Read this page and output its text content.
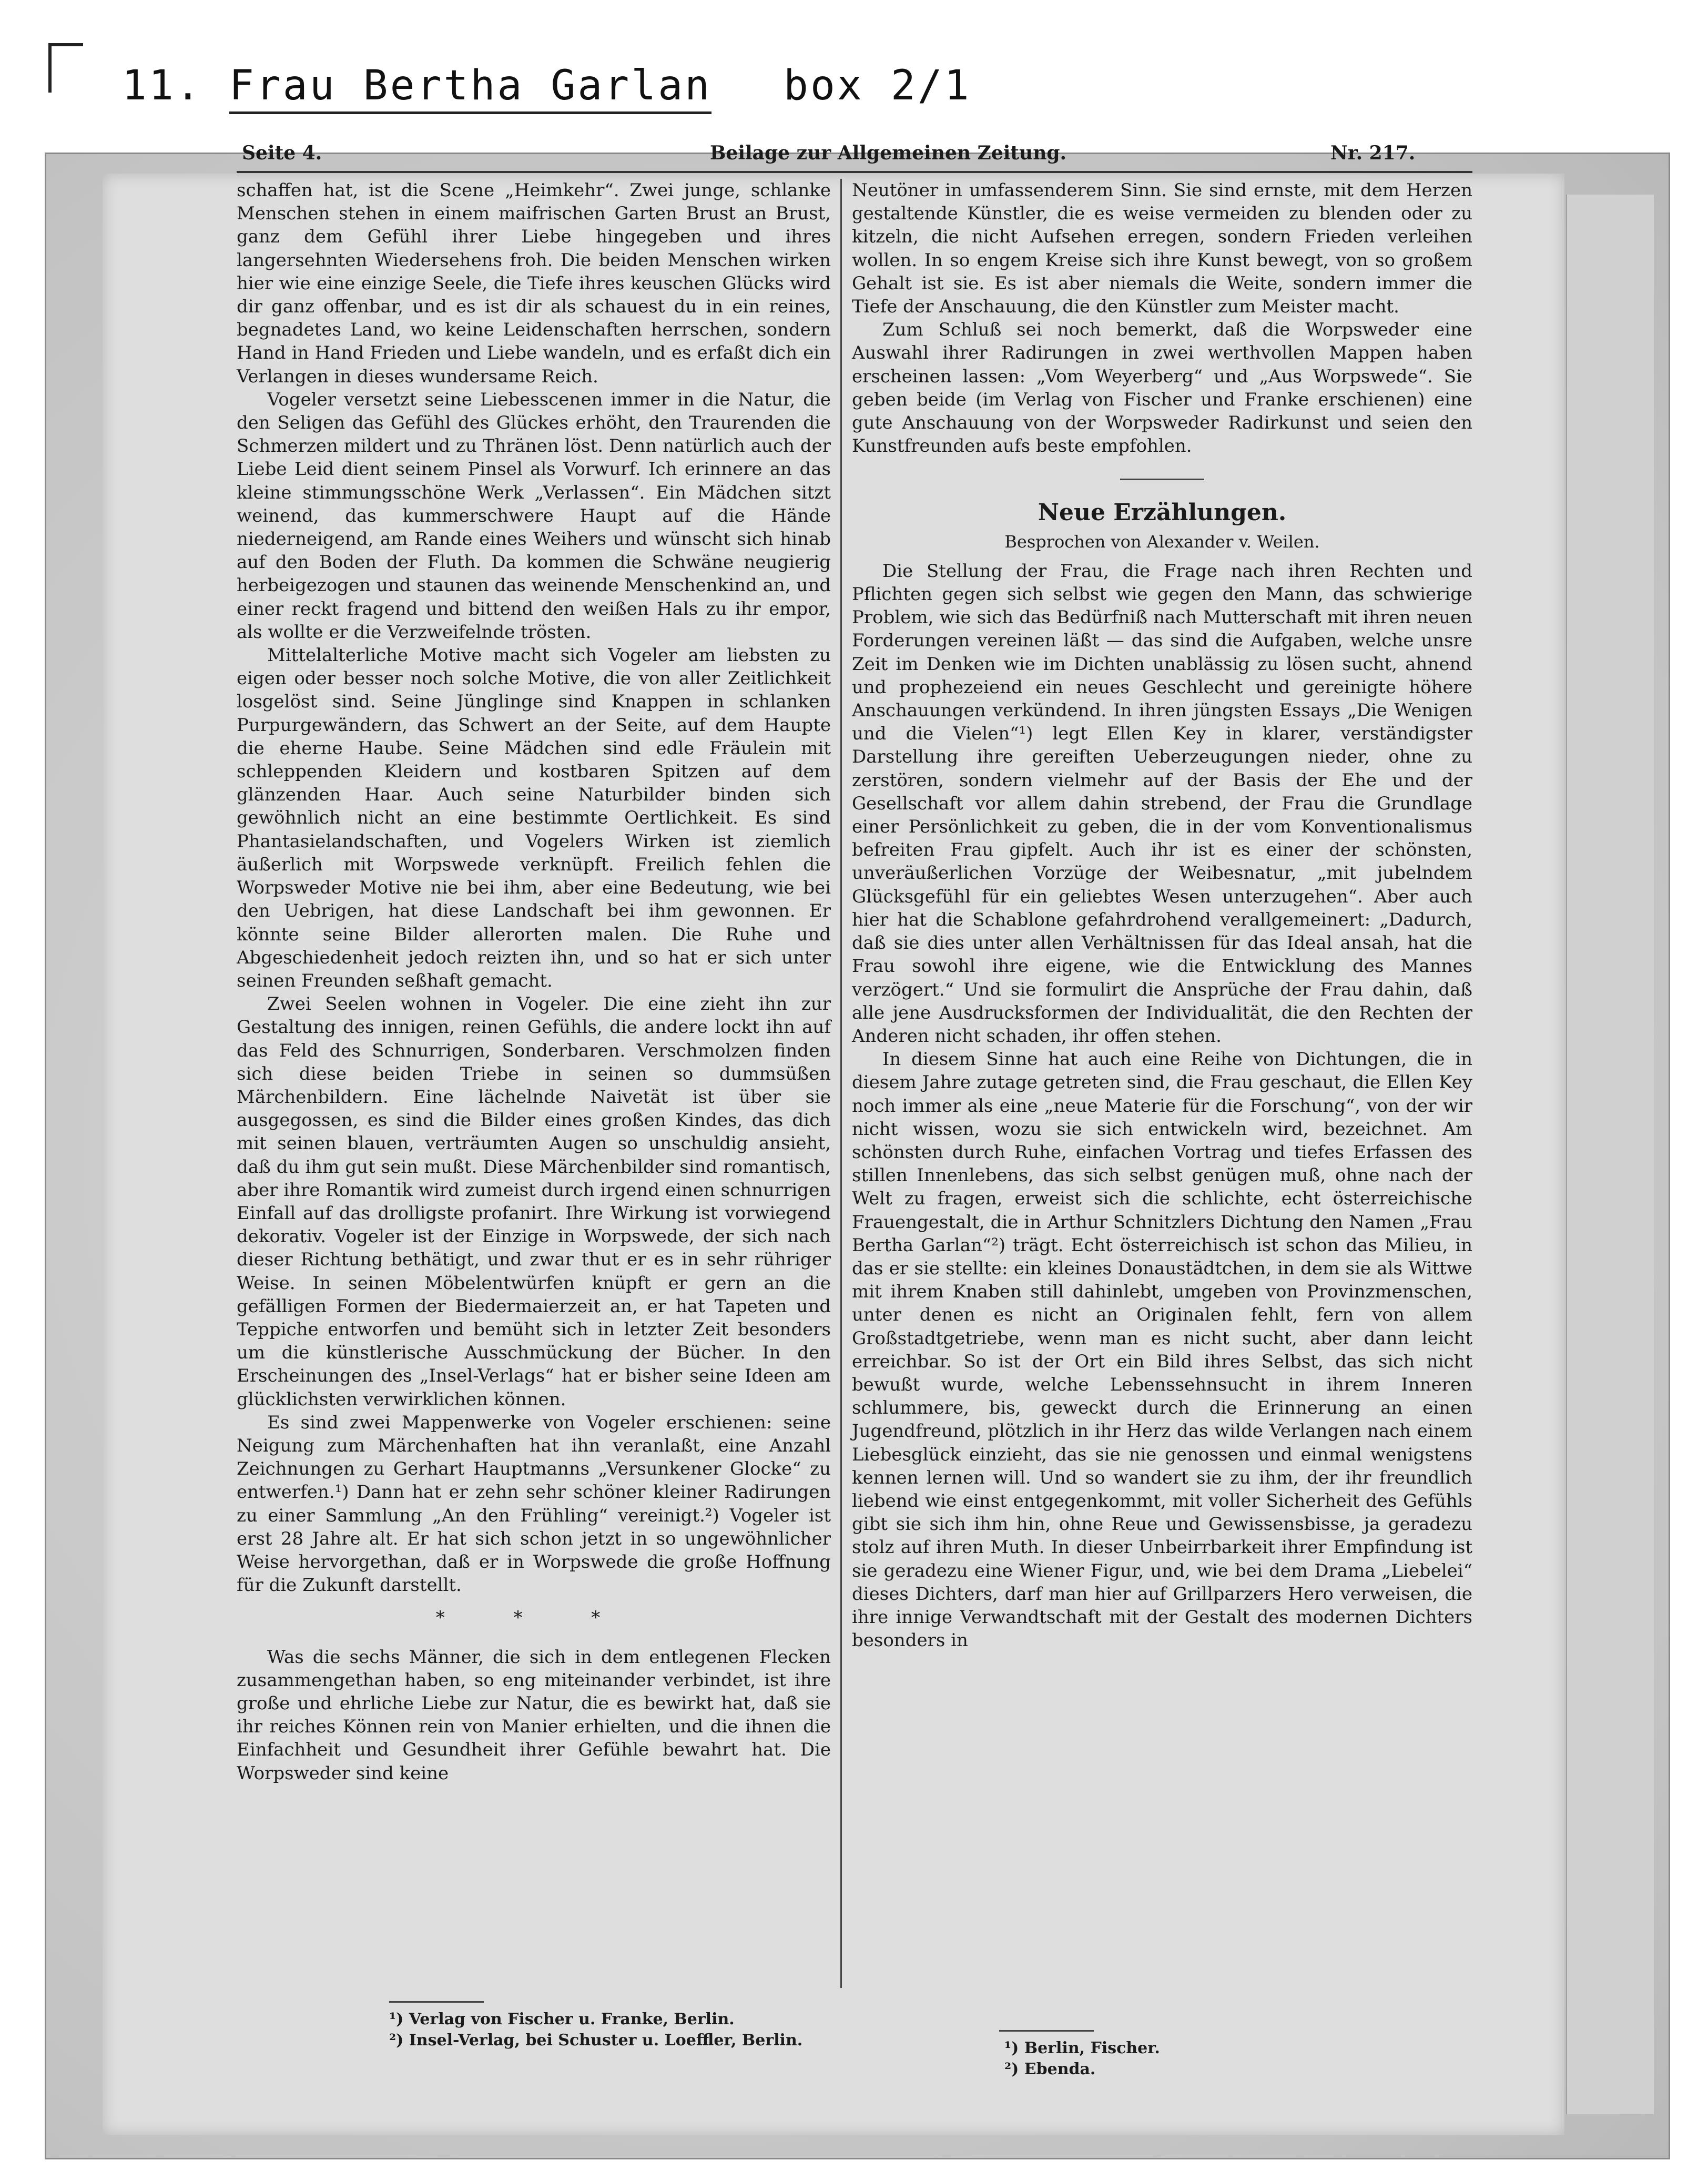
11. Frau Bertha Garlan box 2/1
Seite 4.	Beilage zur Allgemeinen Zeitung.	Nr. 217.

schaffen hat, ist die Scene „Heimkehr“. Zwei junge, schlanke Menschen stehen in einem maifrischen Garten Brust an Brust, ganz dem Gefühl ihrer Liebe hingegeben und ihres langersehnten Wiedersehens froh. Die beiden Menschen wirken hier wie eine einzige Seele, die Tiefe ihres keuschen Glücks wird dir ganz offenbar, und es ist dir als schauest du in ein reines, begnadetes Land, wo keine Leidenschaften herrschen, sondern Hand in Hand Frieden und Liebe wandeln, und es erfaßt dich ein Verlangen in dieses wundersame Reich.

Vogeler versetzt seine Liebesscenen immer in die Natur, die den Seligen das Gefühl des Glückes erhöht, den Traurenden die Schmerzen mildert und zu Thränen löst. Denn natürlich auch der Liebe Leid dient seinem Pinsel als Vorwurf. Ich erinnere an das kleine stimmungsschöne Werk „Verlassen“. Ein Mädchen sitzt weinend, das kummerschwere Haupt auf die Hände niederneigend, am Rande eines Weihers und wünscht sich hinab auf den Boden der Fluth. Da kommen die Schwäne neugierig herbeigezogen und staunen das weinende Menschenkind an, und einer reckt fragend und bittend den weißen Hals zu ihr empor, als wollte er die Verzweifelnde trösten.

Mittelalterliche Motive macht sich Vogeler am liebsten zu eigen oder besser noch solche Motive, die von aller Zeitlichkeit losgelöst sind. Seine Jünglinge sind Knappen in schlanken Purpurgewändern, das Schwert an der Seite, auf dem Haupte die eherne Haube. Seine Mädchen sind edle Fräulein mit schleppenden Kleidern und kostbaren Spitzen auf dem glänzenden Haar. Auch seine Naturbilder binden sich gewöhnlich nicht an eine bestimmte Oertlichkeit. Es sind Phantasielandschaften, und Vogelers Wirken ist ziemlich äußerlich mit Worpswede verknüpft. Freilich fehlen die Worpsweder Motive nie bei ihm, aber eine Bedeutung, wie bei den Uebrigen, hat diese Landschaft bei ihm gewonnen. Er könnte seine Bilder allerorten malen. Die Ruhe und Abgeschiedenheit jedoch reizten ihn, und so hat er sich unter seinen Freunden seßhaft gemacht.

Zwei Seelen wohnen in Vogeler. Die eine zieht ihn zur Gestaltung des innigen, reinen Gefühls, die andere lockt ihn auf das Feld des Schnurrigen, Sonderbaren. Verschmolzen finden sich diese beiden Triebe in seinen so dummsüßen Märchenbildern. Eine lächelnde Naivetät ist über sie ausgegossen, es sind die Bilder eines großen Kindes, das dich mit seinen blauen, verträumten Augen so unschuldig ansieht, daß du ihm gut sein mußt. Diese Märchenbilder sind romantisch, aber ihre Romantik wird zumeist durch irgend einen schnurrigen Einfall auf das drolligste profanirt. Ihre Wirkung ist vorwiegend dekorativ. Vogeler ist der Einzige in Worpswede, der sich nach dieser Richtung bethätigt, und zwar thut er es in sehr rühriger Weise. In seinen Möbelentwürfen knüpft er gern an die gefälligen Formen der Biedermaierzeit an, er hat Tapeten und Teppiche entworfen und bemüht sich in letzter Zeit besonders um die künstlerische Ausschmückung der Bücher. In den Erscheinungen des „Insel-Verlags“ hat er bisher seine Ideen am glücklichsten verwirklichen können.

Es sind zwei Mappenwerke von Vogeler erschienen: seine Neigung zum Märchenhaften hat ihn veranlaßt, eine Anzahl Zeichnungen zu Gerhart Hauptmanns „Versunkener Glocke“ zu entwerfen.¹) Dann hat er zehn sehr schöner kleiner Radirungen zu einer Sammlung „An den Frühling“ vereinigt.²) Vogeler ist erst 28 Jahre alt. Er hat sich schon jetzt in so ungewöhnlicher Weise hervorgethan, daß er in Worpswede die große Hoffnung für die Zukunft darstellt.

* * *

Was die sechs Männer, die sich in dem entlegenen Flecken zusammengethan haben, so eng miteinander verbindet, ist ihre große und ehrliche Liebe zur Natur, die es bewirkt hat, daß sie ihr reiches Können rein von Manier erhielten, und die ihnen die Einfachheit und Gesundheit ihrer Gefühle bewahrt hat. Die Worpsweder sind keine

¹) Verlag von Fischer u. Franke, Berlin.
²) Insel-Verlag, bei Schuster u. Loeffler, Berlin.

Neutöner in umfassenderem Sinn. Sie sind ernste, mit dem Herzen gestaltende Künstler, die es weise vermeiden zu blenden oder zu kitzeln, die nicht Aufsehen erregen, sondern Frieden verleihen wollen. In so engem Kreise sich ihre Kunst bewegt, von so großem Gehalt ist sie. Es ist aber niemals die Weite, sondern immer die Tiefe der Anschauung, die den Künstler zum Meister macht.

Zum Schluß sei noch bemerkt, daß die Worpsweder eine Auswahl ihrer Radirungen in zwei werthvollen Mappen haben erscheinen lassen: „Vom Weyerberg“ und „Aus Worpswede“. Sie geben beide (im Verlag von Fischer und Franke erschienen) eine gute Anschauung von der Worpsweder Radirkunst und seien den Kunstfreunden aufs beste empfohlen.

Neue Erzählungen.
Besprochen von Alexander v. Weilen.

Die Stellung der Frau, die Frage nach ihren Rechten und Pflichten gegen sich selbst wie gegen den Mann, das schwierige Problem, wie sich das Bedürfniß nach Mutterschaft mit ihren neuen Forderungen vereinen läßt — das sind die Aufgaben, welche unsre Zeit im Denken wie im Dichten unablässig zu lösen sucht, ahnend und prophezeiend ein neues Geschlecht und gereinigte höhere Anschauungen verkündend. In ihren jüngsten Essays „Die Wenigen und die Vielen“¹) legt Ellen Key in klarer, verständigster Darstellung ihre gereiften Ueberzeugungen nieder, ohne zu zerstören, sondern vielmehr auf der Basis der Ehe und der Gesellschaft vor allem dahin strebend, der Frau die Grundlage einer Persönlichkeit zu geben, die in der vom Konventionalismus befreiten Frau gipfelt. Auch ihr ist es einer der schönsten, unveräußerlichen Vorzüge der Weibesnatur, „mit jubelndem Glücksgefühl für ein geliebtes Wesen unterzugehen“. Aber auch hier hat die Schablone gefahrdrohend verallgemeinert: „Dadurch, daß sie dies unter allen Verhältnissen für das Ideal ansah, hat die Frau sowohl ihre eigene, wie die Entwicklung des Mannes verzögert.“ Und sie formulirt die Ansprüche der Frau dahin, daß alle jene Ausdrucksformen der Individualität, die den Rechten der Anderen nicht schaden, ihr offen stehen.

In diesem Sinne hat auch eine Reihe von Dichtungen, die in diesem Jahre zutage getreten sind, die Frau geschaut, die Ellen Key noch immer als eine „neue Materie für die Forschung“, von der wir nicht wissen, wozu sie sich entwickeln wird, bezeichnet. Am schönsten durch Ruhe, einfachen Vortrag und tiefes Erfassen des stillen Innenlebens, das sich selbst genügen muß, ohne nach der Welt zu fragen, erweist sich die schlichte, echt österreichische Frauengestalt, die in Arthur Schnitzlers Dichtung den Namen „Frau Bertha Garlan“²) trägt. Echt österreichisch ist schon das Milieu, in das er sie stellte: ein kleines Donaustädtchen, in dem sie als Wittwe mit ihrem Knaben still dahinlebt, umgeben von Provinzmenschen, unter denen es nicht an Originalen fehlt, fern von allem Großstadtgetriebe, wenn man es nicht sucht, aber dann leicht erreichbar. So ist der Ort ein Bild ihres Selbst, das sich nicht bewußt wurde, welche Lebenssehnsucht in ihrem Inneren schlummere, bis, geweckt durch die Erinnerung an einen Jugendfreund, plötzlich in ihr Herz das wilde Verlangen nach einem Liebesglück einzieht, das sie nie genossen und einmal wenigstens kennen lernen will. Und so wandert sie zu ihm, der ihr freundlich liebend wie einst entgegenkommt, mit voller Sicherheit des Gefühls gibt sie sich ihm hin, ohne Reue und Gewissensbisse, ja geradezu stolz auf ihren Muth. In dieser Unbeirrbarkeit ihrer Empfindung ist sie geradezu eine Wiener Figur, und, wie bei dem Drama „Liebelei“ dieses Dichters, darf man hier auf Grillparzers Hero verweisen, die ihre innige Verwandtschaft mit der Gestalt des modernen Dichters besonders in

¹) Berlin, Fischer.
²) Ebenda.
